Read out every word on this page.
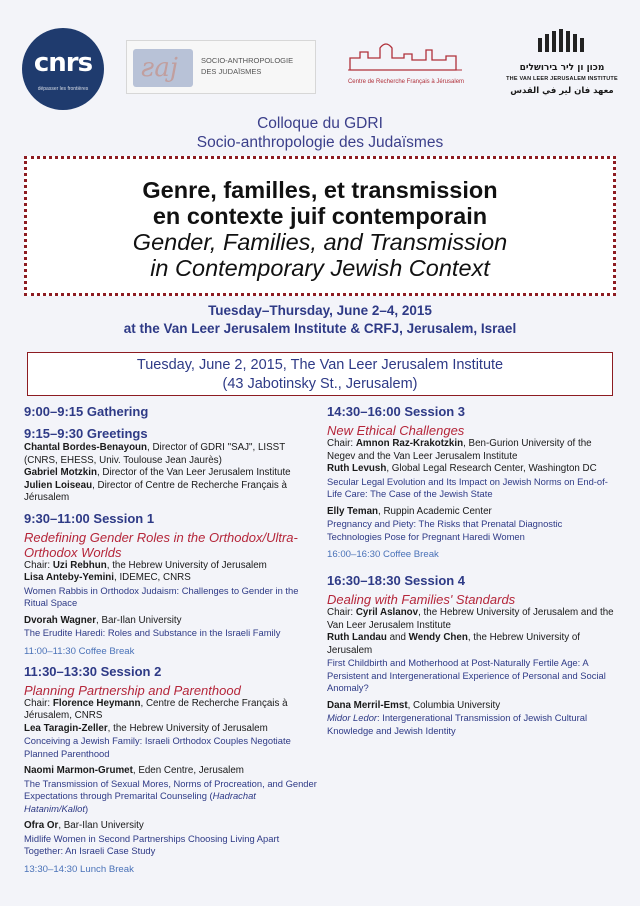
cnrs
dépasser les frontières
ƨaj	SOCIO-ANTHROPOLOGIE
DES JUDAÏSMES
Centre de Recherche Français à Jérusalem
מכון ון ליר בירושלים
THE VAN LEER JERUSALEM INSTITUTE
معهد فان لير في القدس
Colloque du GDRI
Socio-anthropologie des Judaïsmes
Genre, familles, et transmission
en contexte juif contemporain
Gender, Families, and Transmission
in Contemporary Jewish Context
Tuesday–Thursday, June 2–4, 2015
at the Van Leer Jerusalem Institute & CRFJ, Jerusalem, Israel
Tuesday, June 2, 2015, The Van Leer Jerusalem Institute
(43 Jabotinsky St., Jerusalem)
9:00–9:15 Gathering
9:15–9:30 Greetings
Chantal Bordes-Benayoun, Director of GDRI "SAJ", LISST (CNRS, EHESS, Univ. Toulouse Jean Jaurès)
Gabriel Motzkin, Director of the Van Leer Jerusalem Institute
Julien Loiseau, Director of Centre de Recherche Français à Jérusalem
9:30–11:00 Session 1
Redefining Gender Roles in the Orthodox/Ultra-Orthodox Worlds
Chair: Uzi Rebhun, the Hebrew University of Jerusalem
Lisa Anteby-Yemini, IDEMEC, CNRS
Women Rabbis in Orthodox Judaism: Challenges to Gender in the Ritual Space
Dvorah Wagner, Bar-Ilan University
The Erudite Haredi: Roles and Substance in the Israeli Family
11:00–11:30 Coffee Break
11:30–13:30 Session 2
Planning Partnership and Parenthood
Chair: Florence Heymann, Centre de Recherche Français à Jérusalem, CNRS
Lea Taragin-Zeller, the Hebrew University of Jerusalem
Conceiving a Jewish Family: Israeli Orthodox Couples Negotiate Planned Parenthood
Naomi Marmon-Grumet, Eden Centre, Jerusalem
The Transmission of Sexual Mores, Norms of Procreation, and Gender Expectations through Premarital Counseling (Hadrachat Hatanim/Kallot)
Ofra Or, Bar-Ilan University
Midlife Women in Second Partnerships Choosing Living Apart Together: An Israeli Case Study
13:30–14:30 Lunch Break
14:30–16:00 Session 3
New Ethical Challenges
Chair: Amnon Raz-Krakotzkin, Ben-Gurion University of the Negev and the Van Leer Jerusalem Institute
Ruth Levush, Global Legal Research Center, Washington DC
Secular Legal Evolution and Its Impact on Jewish Norms on End-of-Life Care: The Case of the Jewish State
Elly Teman, Ruppin Academic Center
Pregnancy and Piety: The Risks that Prenatal Diagnostic Technologies Pose for Pregnant Haredi Women
16:00–16:30 Coffee Break
16:30–18:30 Session 4
Dealing with Families' Standards
Chair: Cyril Aslanov, the Hebrew University of Jerusalem and the Van Leer Jerusalem Institute
Ruth Landau and Wendy Chen, the Hebrew University of Jerusalem
First Childbirth and Motherhood at Post-Naturally Fertile Age: A Persistent and Intergenerational Experience of Personal and Social Anomaly?
Dana Merril-Emst, Columbia University
Midor Ledor: Intergenerational Transmission of Jewish Cultural Knowledge and Jewish Identity
